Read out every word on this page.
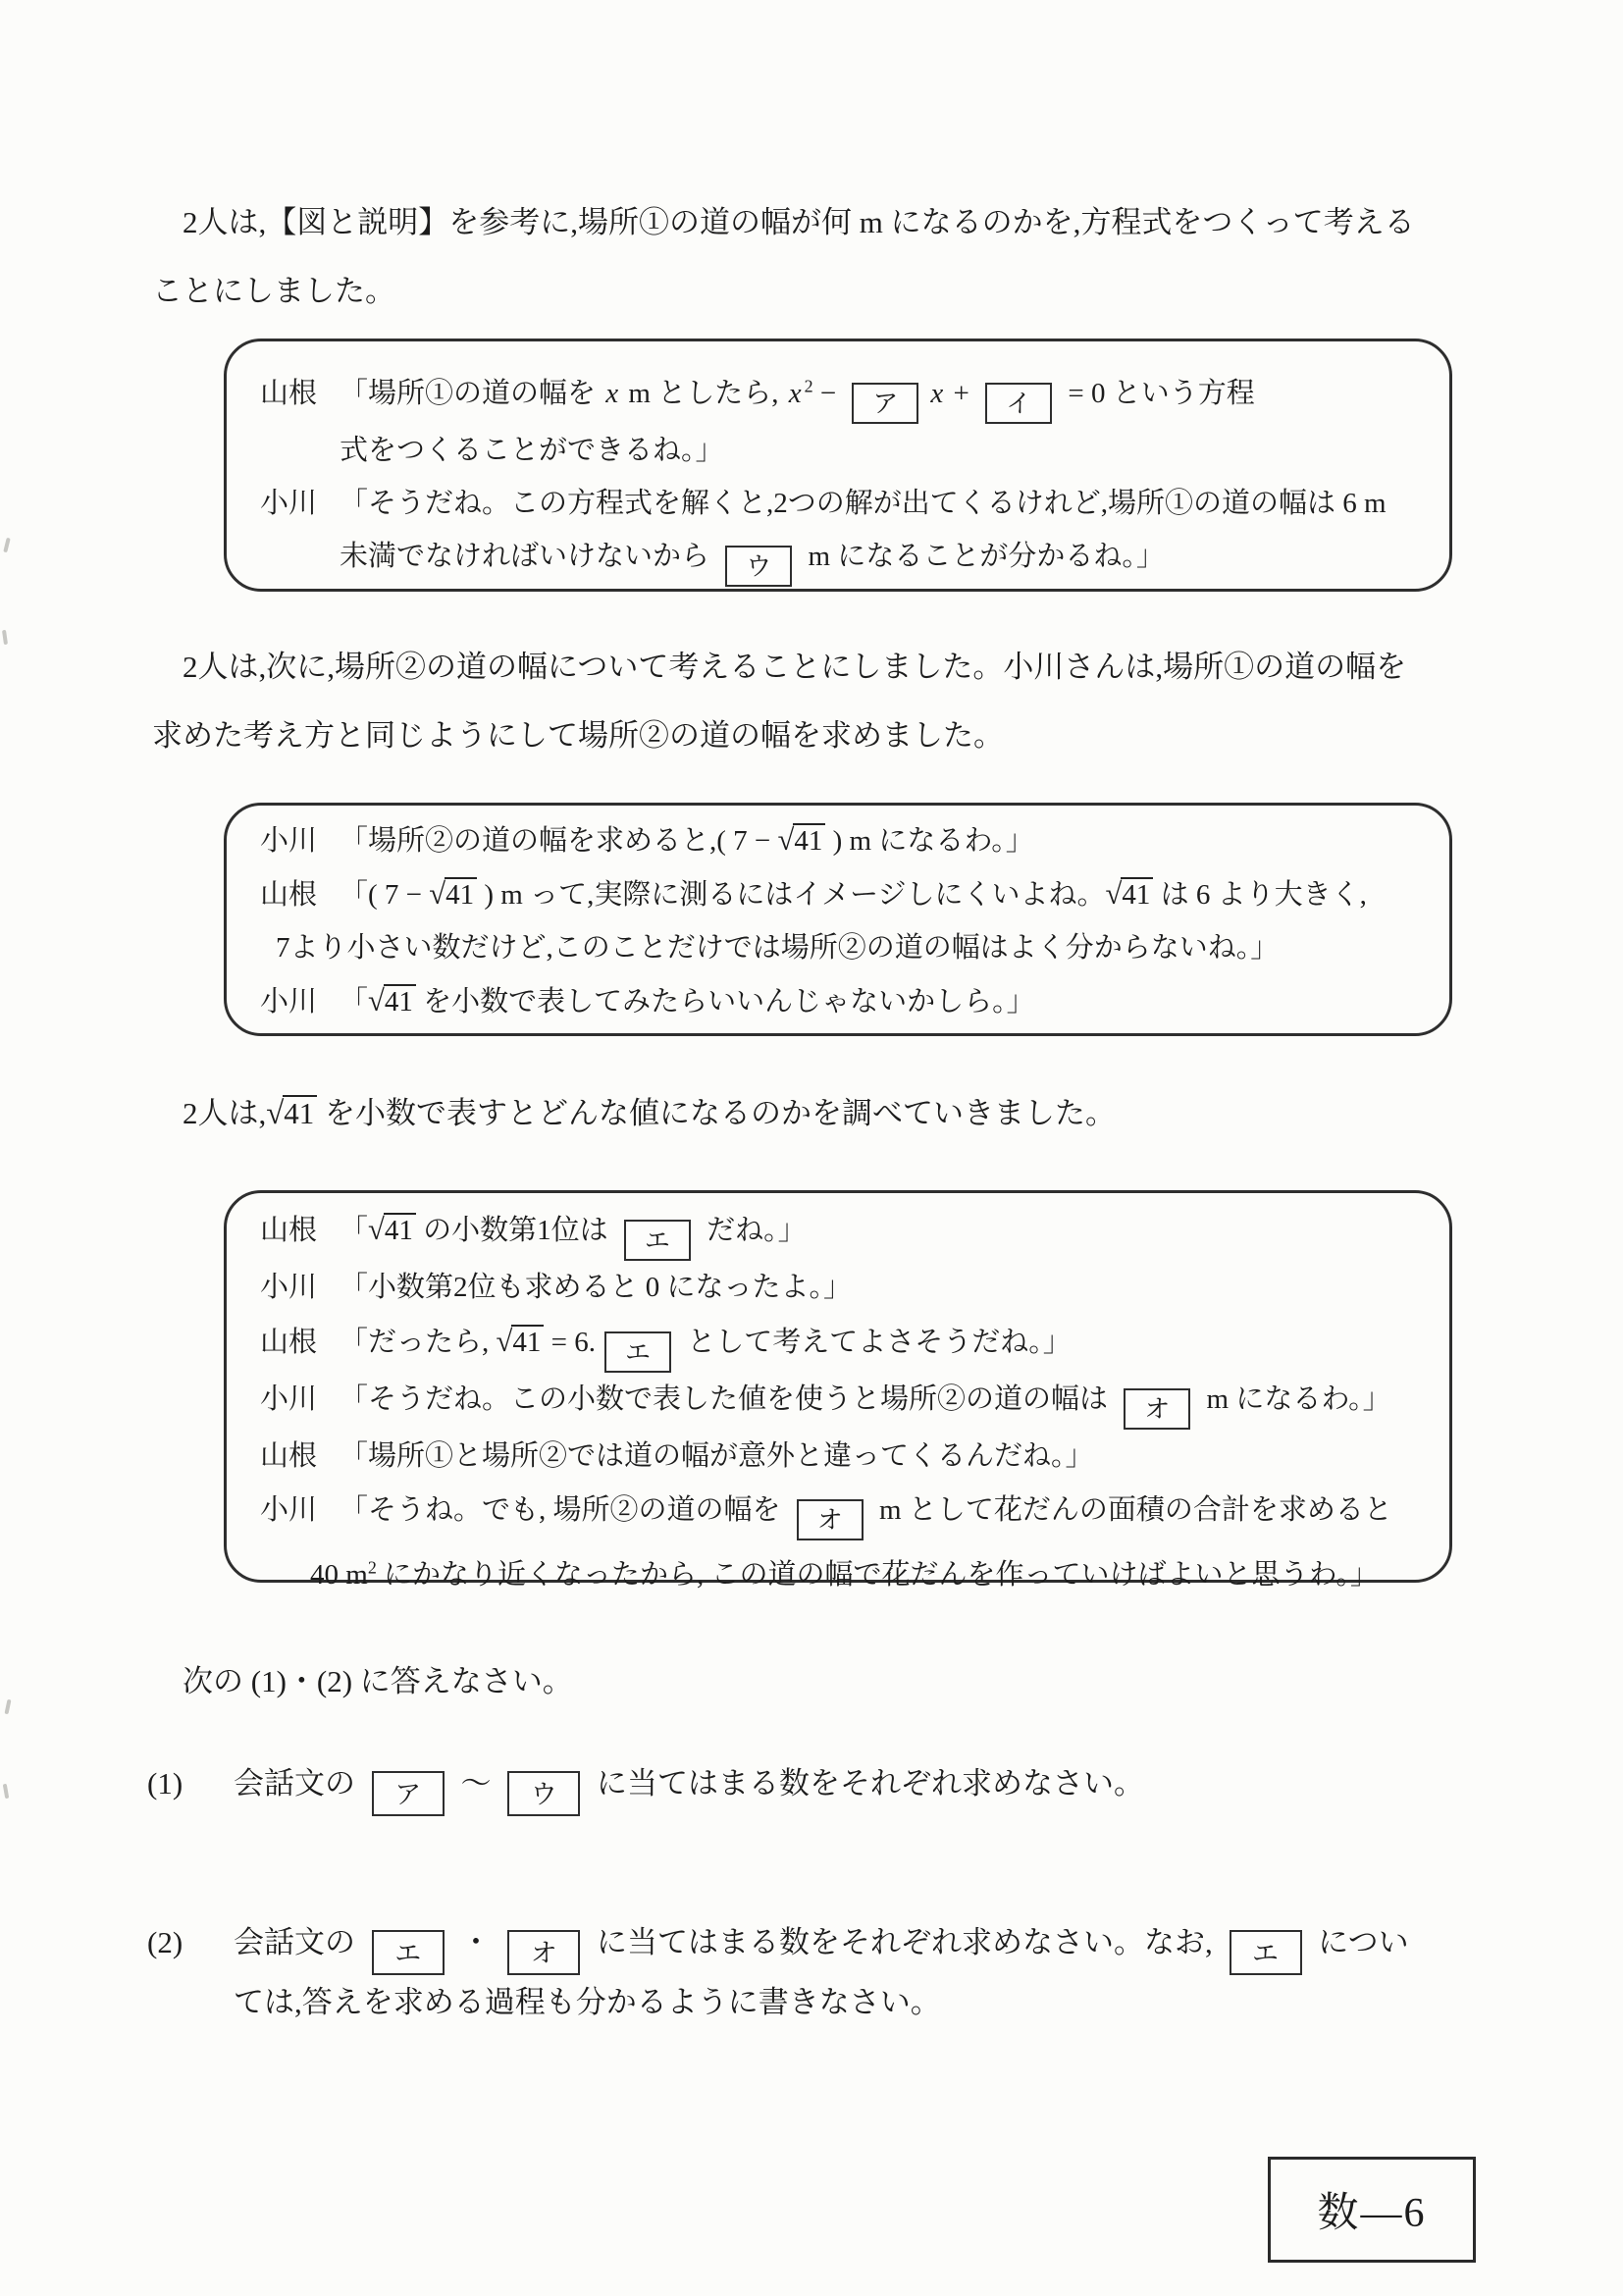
2人は,【図と説明】を参考に,場所①の道の幅が何 m になるのかを,方程式をつくって考える
ことにしました。
山根 「場所①の道の幅を x m としたら, x $^2$ − ア x + イ = 0 という方程
式をつくることができるね。」
小川 「そうだね。この方程式を解くと,2つの解が出てくるけれど,場所①の道の幅は 6 m
未満でなければいけないから ウ m になることが分かるね。」
2人は,次に,場所②の道の幅について考えることにしました。小川さんは,場所①の道の幅を
求めた考え方と同じようにして場所②の道の幅を求めました。
小川 「場所②の道の幅を求めると,( 7 − √41 ) m になるわ。」
山根 「( 7 − √41 ) m って,実際に測るにはイメージしにくいよね。√41 は 6 より大きく,
7より小さい数だけど,このことだけでは場所②の道の幅はよく分からないね。」
小川 「√41 を小数で表してみたらいいんじゃないかしら。」
2人は,√41 を小数で表すとどんな値になるのかを調べていきました。
山根 「√41 の小数第1位は エ だね。」
小川 「小数第2位も求めると 0 になったよ。」
山根 「だったら, √41 = 6. エ として考えてよさそうだね。」
小川 「そうだね。この小数で表した値を使うと場所②の道の幅は オ m になるわ。」
山根 「場所①と場所②では道の幅が意外と違ってくるんだね。」
小川 「そうね。でも, 場所②の道の幅を オ m として花だんの面積の合計を求めると
40 $m^2$ にかなり近くなったから, この道の幅で花だんを作っていけばよいと思うわ。」
次の (1)・(2) に答えなさい。
(1) 会話文の ア 〜 ウ に当てはまる数をそれぞれ求めなさい。
(2) 会話文の エ ・ オ に当てはまる数をそれぞれ求めなさい。なお, エ につい
ては,答えを求める過程も分かるように書きなさい。
数―6
